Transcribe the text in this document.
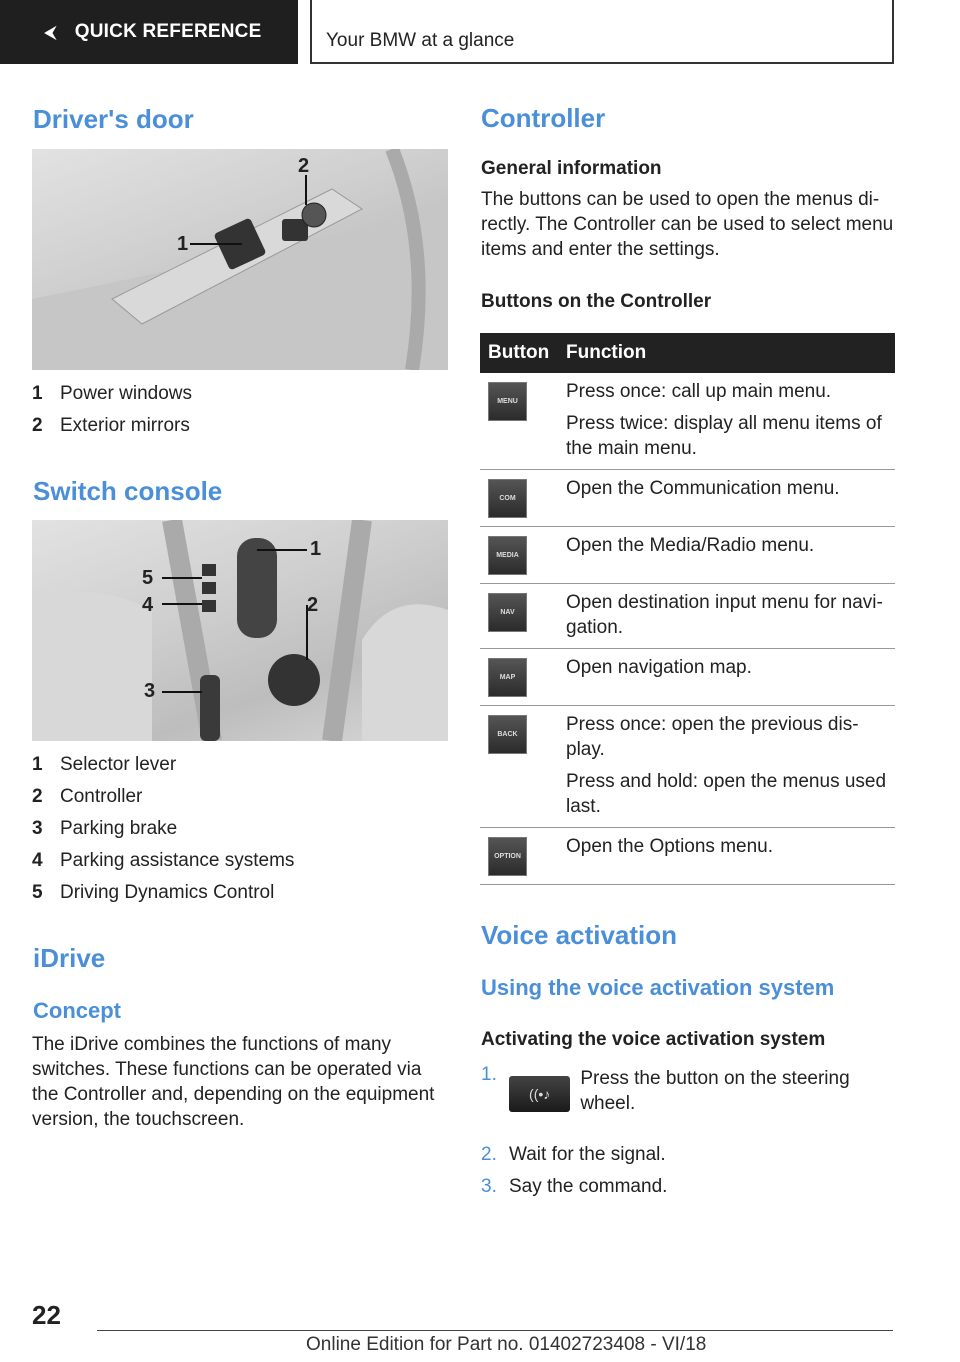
⮜ QUICK REFERENCE	Your BMW at a glance
Driver's door
1
2
1 Power windows
2 Exterior mirrors
Switch console
1
2
3
4
5
1 Selector lever
2 Controller
3 Parking brake
4 Parking assistance systems
5 Driving Dynamics Control
iDrive
Concept
The iDrive combines the functions of many switches. These functions can be operated via the Controller and, depending on the equipment version, the touchscreen.
Controller
General information
The buttons can be used to open the menus di-rectly. The Controller can be used to select menu items and enter the settings.
Buttons on the Controller
Button Function
MENU	Press once: call up main menu.

Press twice: display all menu items of the main menu.

COM	Open the Communication menu.

MEDIA	Open the Media/Radio menu.

NAV	Open destination input menu for navi-gation.

MAP	Open navigation map.

BACK	Press once: open the previous dis-play.

Press and hold: open the menus used last.

OPTION	Open the Options menu.

Voice activation
Using the voice activation system
Activating the voice activation system
1.
((•♪
Press the button on the steering wheel.
2. Wait for the signal.
3. Say the command.
22
Online Edition for Part no. 01402723408 - VI/18
